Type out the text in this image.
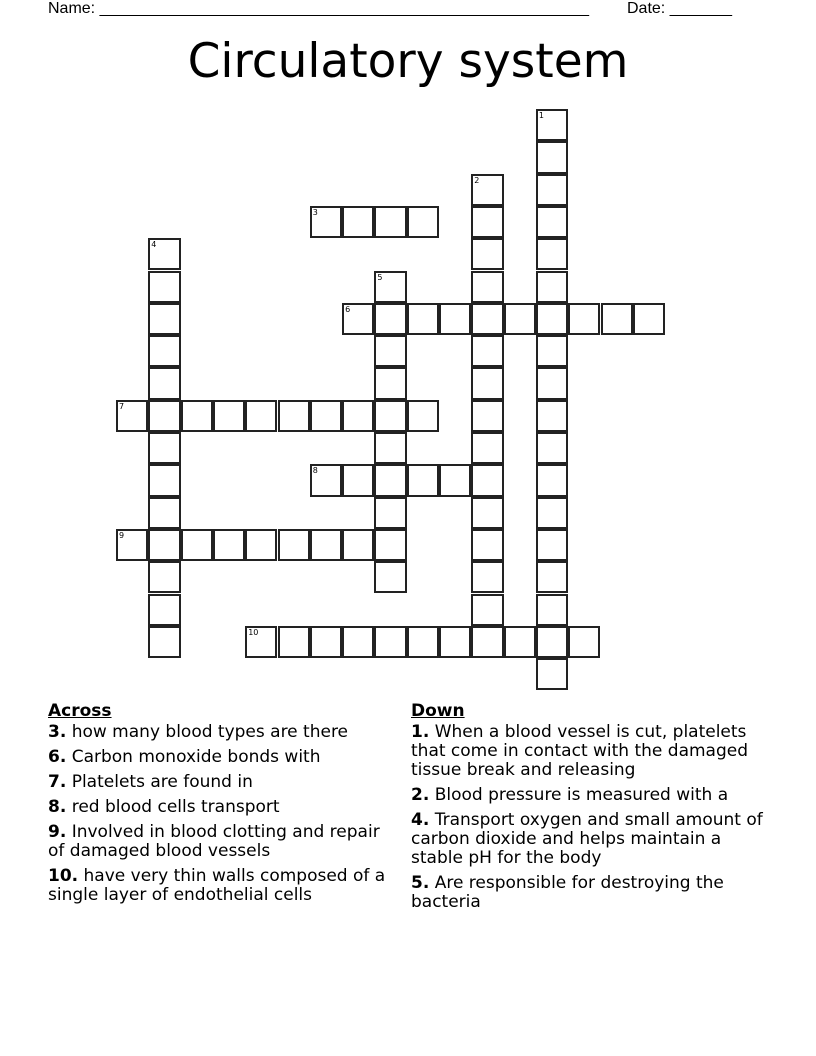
Name: _______________________________________________________ Date: _______
Circulatory system
1
2
3
4
5
6
7
8
9
10
Across
3. how many blood types are there
6. Carbon monoxide bonds with
7. Platelets are found in
8. red blood cells transport
9. Involved in blood clotting and repair of damaged blood vessels
10. have very thin walls composed of a single layer of endothelial cells
Down
1. When a blood vessel is cut, platelets that come in contact with the damaged tissue break and releasing
2. Blood pressure is measured with a
4. Transport oxygen and small amount of carbon dioxide and helps maintain a stable pH for the body
5. Are responsible for destroying the bacteria
